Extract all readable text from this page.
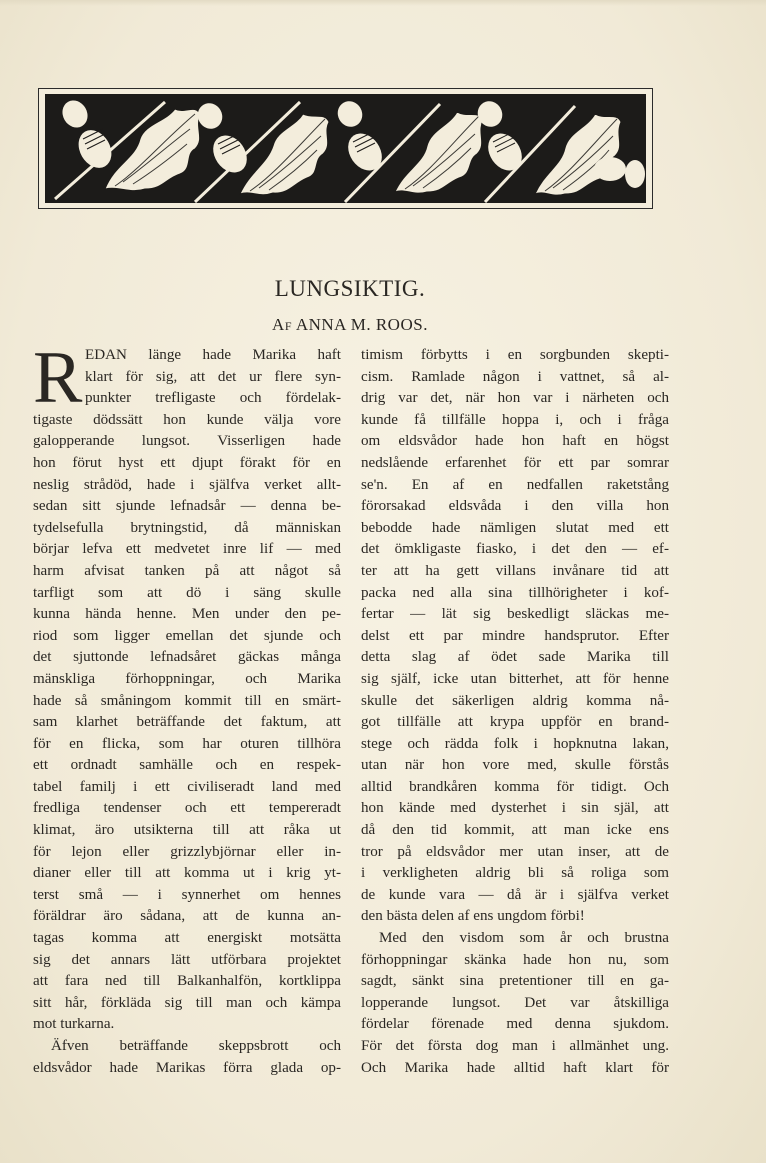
LUNGSIKTIG.
Af ANNA M. ROOS.
R EDAN länge hade Marika haft
klart för sig, att det ur flere syn-
punkter trefligaste och fördelak-
tigaste dödssätt hon kunde välja vore
galopperande lungsot. Visserligen hade
hon förut hyst ett djupt förakt för en
neslig strådöd, hade i själfva verket allt-
sedan sitt sjunde lefnadsår — denna be-
tydelsefulla brytningstid, då människan
börjar lefva ett medvetet inre lif — med
harm afvisat tanken på att något så
tarfligt som att dö i säng skulle
kunna hända henne. Men under den pe-
riod som ligger emellan det sjunde och
det sjuttonde lefnadsåret gäckas många
mänskliga förhoppningar, och Marika
hade så småningom kommit till en smärt-
sam klarhet beträffande det faktum, att
för en flicka, som har oturen tillhöra
ett ordnadt samhälle och en respek-
tabel familj i ett civiliseradt land med
fredliga tendenser och ett tempereradt
klimat, äro utsikterna till att råka ut
för lejon eller grizzlybjörnar eller in-
dianer eller till att komma ut i krig yt-
terst små — i synnerhet om hennes
föräldrar äro sådana, att de kunna an-
tagas komma att energiskt motsätta
sig det annars lätt utförbara projektet
att fara ned till Balkanhalfön, kortklippa
sitt hår, förkläda sig till man och kämpa
mot turkarna.
Äfven beträffande skeppsbrott och
eldsvådor hade Marikas förra glada op-
timism förbytts i en sorgbunden skepti-
cism. Ramlade någon i vattnet, så al-
drig var det, när hon var i närheten och
kunde få tillfälle hoppa i, och i fråga
om eldsvådor hade hon haft en högst
nedslående erfarenhet för ett par somrar
se'n. En af en nedfallen raketstång
förorsakad eldsvåda i den villa hon
bebodde hade nämligen slutat med ett
det ömkligaste fiasko, i det den — ef-
ter att ha gett villans invånare tid att
packa ned alla sina tillhörigheter i kof-
fertar — lät sig beskedligt släckas me-
delst ett par mindre handsprutor. Efter
detta slag af ödet sade Marika till
sig själf, icke utan bitterhet, att för henne
skulle det säkerligen aldrig komma nå-
got tillfälle att krypa uppför en brand-
stege och rädda folk i hopknutna lakan,
utan när hon vore med, skulle förstås
alltid brandkåren komma för tidigt. Och
hon kände med dysterhet i sin själ, att
då den tid kommit, att man icke ens
tror på eldsvådor mer utan inser, att de
i verkligheten aldrig bli så roliga som
de kunde vara — då är i själfva verket
den bästa delen af ens ungdom förbi!
Med den visdom som år och brustna
förhoppningar skänka hade hon nu, som
sagdt, sänkt sina pretentioner till en ga-
lopperande lungsot. Det var åtskilliga
fördelar förenade med denna sjukdom.
För det första dog man i allmänhet ung.
Och Marika hade alltid haft klart för
